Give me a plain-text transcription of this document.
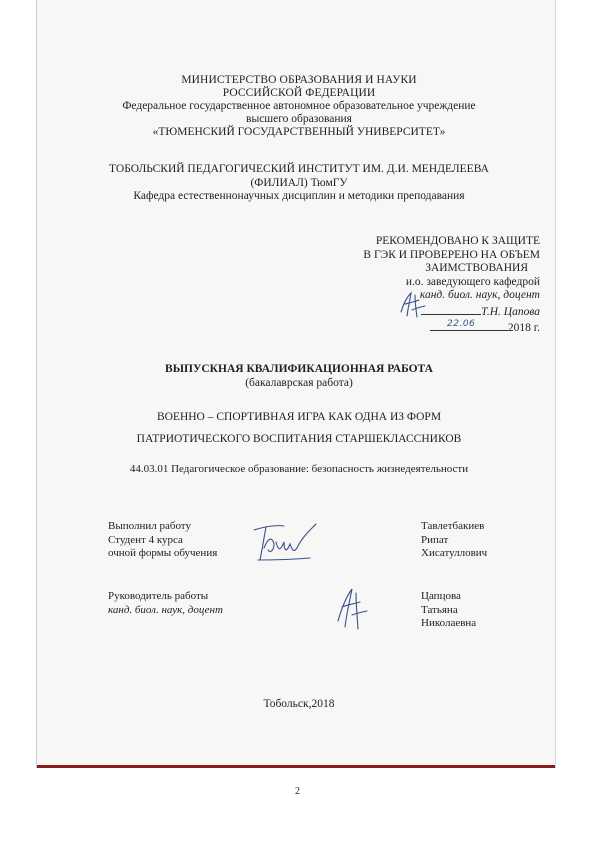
МИНИСТЕРСТВО ОБРАЗОВАНИЯ И НАУКИ
РОССИЙСКОЙ ФЕДЕРАЦИИ
Федеральное государственное автономное образовательное учреждение
высшего образования
«ТЮМЕНСКИЙ ГОСУДАРСТВЕННЫЙ УНИВЕРСИТЕТ»
ТОБОЛЬСКИЙ ПЕДАГОГИЧЕСКИЙ ИНСТИТУТ ИМ. Д.И. МЕНДЕЛЕЕВА
(ФИЛИАЛ) ТюмГУ
Кафедра естественнонаучных дисциплин и методики преподавания
РЕКОМЕНДОВАНО К ЗАЩИТЕ
В ГЭК И ПРОВЕРЕНО НА ОБЪЕМ
ЗАИМСТВОВАНИЯ
и.о. заведующего кафедрой
канд. биол. наук, доцент
Т.Н. Цапова
2018 г.
22.06
ВЫПУСКНАЯ КВАЛИФИКАЦИОННАЯ РАБОТА
(бакалаврская работа)
ВОЕННО – СПОРТИВНАЯ ИГРА КАК ОДНА ИЗ ФОРМ
ПАТРИОТИЧЕСКОГО ВОСПИТАНИЯ СТАРШЕКЛАССНИКОВ
44.03.01 Педагогическое образование: безопасность жизнедеятельности
Выполнил работу
Студент 4 курса
очной формы обучения
Тавлетбакиев
Рипат
Хисатуллович
Руководитель работы
канд. биол. наук, доцент
Цапцова
Татьяна
Николаевна
Тобольск,2018
2
